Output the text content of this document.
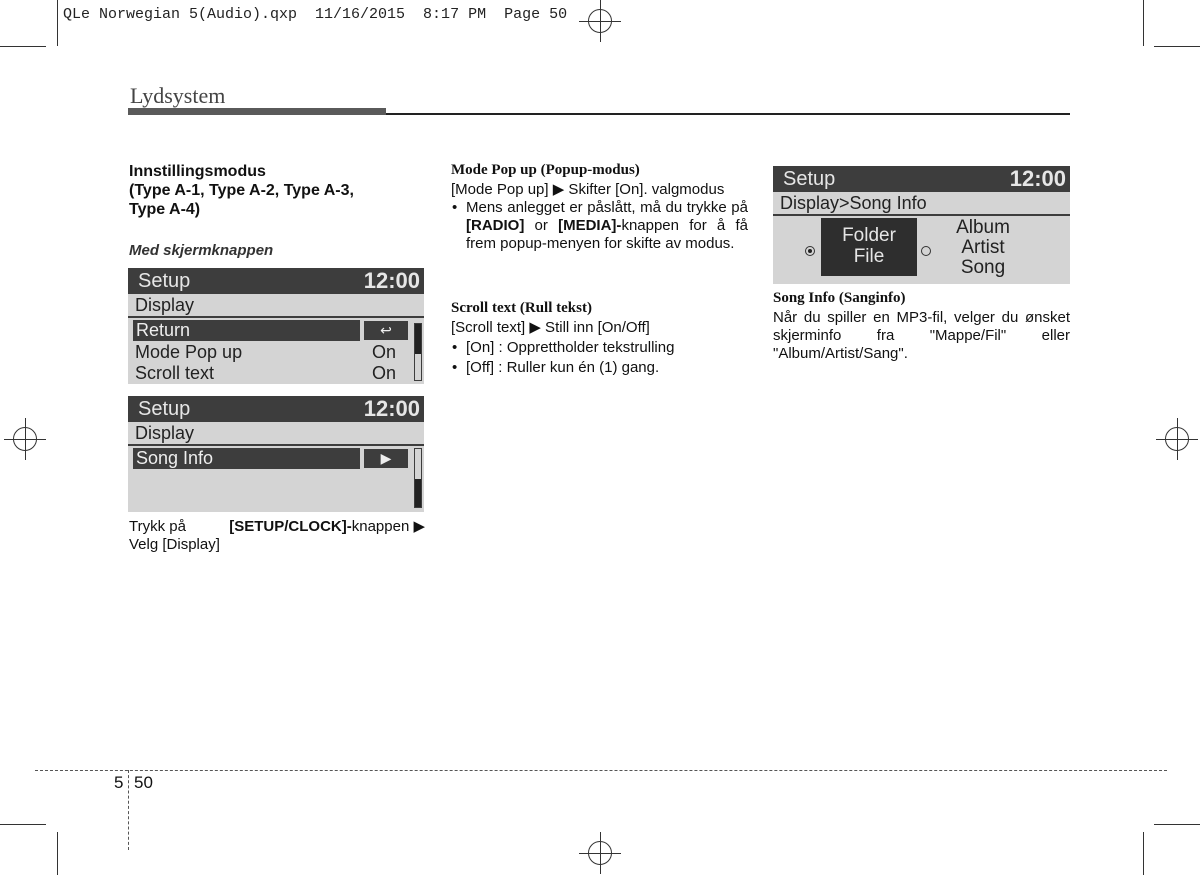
QLe Norwegian 5(Audio).qxp  11/16/2015  8:17 PM  Page 50
Lydsystem
Innstillingsmodus
(Type A-1, Type A-2, Type A-3,
Type A-4)
Med skjermknappen
Setup	12:00
Display
Return	↩
Mode Pop up	On
Scroll text	On
Setup	12:00
Display
Song Info	▶
Trykk på	[SETUP/CLOCK]-knappen ▶
Velg [Display]
Mode Pop up (Popup-modus)
[Mode Pop up] ▶ Skifter [On]. valgmodus
• Mens anlegget er påslått, må du trykke på [RADIO] or [MEDIA]-knappen for å få frem popup-menyen for skifte av modus.
Scroll text (Rull tekst)
[Scroll text] ▶ Still inn [On/Off]
• [On] : Opprettholder tekstrulling
• [Off] : Ruller kun én (1) gang.
Setup	12:00
Display>Song Info
Folder
File
Album
Artist
Song
Song Info (Sanginfo)
Når du spiller en MP3-fil, velger du ønsket skjerminfo fra "Mappe/Fil" eller "Album/Artist/Sang".
5 50
